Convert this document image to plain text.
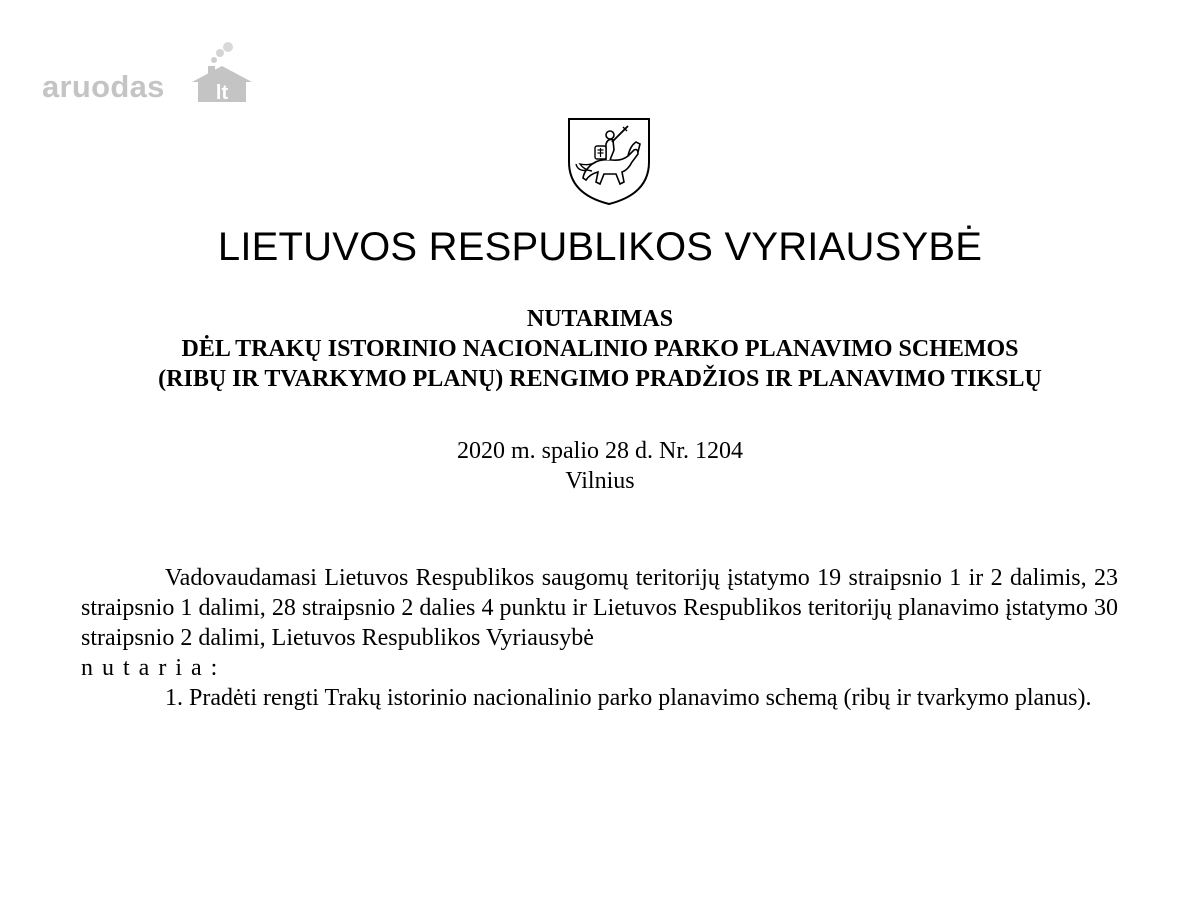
aruodas	lt
LIETUVOS RESPUBLIKOS VYRIAUSYBĖ
NUTARIMAS
DĖL TRAKŲ ISTORINIO NACIONALINIO PARKO PLANAVIMO SCHEMOS
(RIBŲ IR TVARKYMO PLANŲ) RENGIMO PRADŽIOS IR PLANAVIMO TIKSLŲ
2020 m. spalio 28 d. Nr. 1204
Vilnius

Vadovaudamasi Lietuvos Respublikos saugomų teritorijų įstatymo 19 straipsnio 1 ir 2 dalimis, 23 straipsnio 1 dalimi, 28 straipsnio 2 dalies 4 punktu ir Lietuvos Respublikos teritorijų planavimo įstatymo 30 straipsnio 2 dalimi, Lietuvos Respublikos Vyriausybė

nutaria:

1. Pradėti rengti Trakų istorinio nacionalinio parko planavimo schemą (ribų ir tvarkymo planus).
